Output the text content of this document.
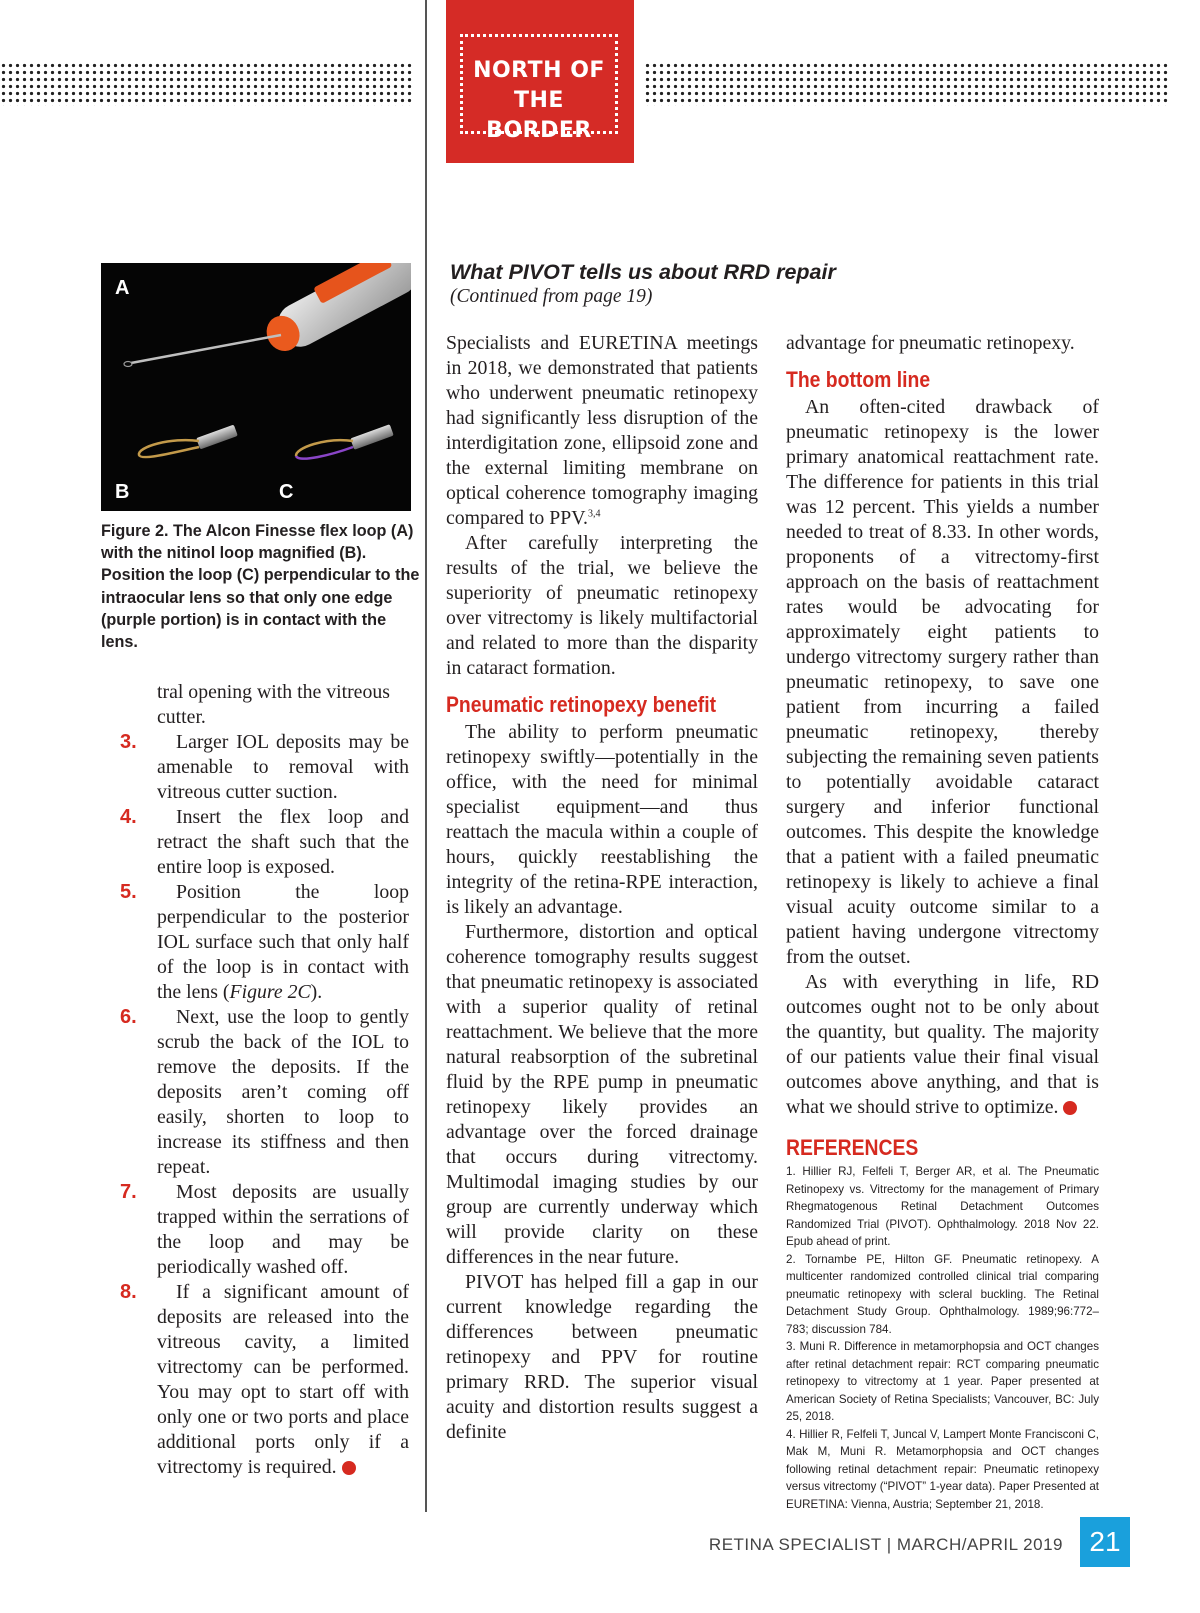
NORTH OF
THE BORDER
A
B	C
Figure 2. The Alcon Finesse flex loop (A) with the nitinol loop magnified (B). Position the loop (C) perpendicular to the intraocular lens so that only one edge (purple portion) is in contact with the lens.

tral opening with the vitreous cutter.

3.	Larger IOL deposits may be amenable to removal with vitreous cutter suction.

4.	Insert the flex loop and retract the shaft such that the entire loop is exposed.

5.	Position the loop perpendicular to the posterior IOL surface such that only half of the loop is in contact with the lens (Figure 2C).

6.	Next, use the loop to gently scrub the back of the IOL to remove the deposits. If the deposits aren’t coming off easily, shorten to loop to increase its stiffness and then repeat.

7.	Most deposits are usually trapped within the serrations of the loop and may be periodically washed off.

8.	If a significant amount of deposits are released into the vitreous cavity, a limited vitrectomy can be performed. You may opt to start off with only one or two ports and place additional ports only if a vitrectomy is required.	RS

What PIVOT tells us about RRD repair
(Continued from page 19)

Specialists and EURETINA meetings in 2018, we demonstrated that patients who underwent pneumatic retinopexy had significantly less disruption of the interdigitation zone, ellipsoid zone and the external limiting membrane on optical coherence tomography imaging compared to PPV.$^{3,4}$

After carefully interpreting the results of the trial, we believe the superiority of pneumatic retinopexy over vitrectomy is likely multifactorial and related to more than the disparity in cataract formation.

Pneumatic retinopexy benefit

The ability to perform pneumatic retinopexy swiftly—potentially in the office, with the need for minimal specialist equipment—and thus reattach the macula within a couple of hours, quickly reestablishing the integrity of the retina-RPE interaction, is likely an advantage.

Furthermore, distortion and optical coherence tomography results suggest that pneumatic retinopexy is associated with a superior quality of retinal reattachment. We believe that the more natural reabsorption of the subretinal fluid by the RPE pump in pneumatic retinopexy likely provides an advantage over the forced drainage that occurs during vitrectomy. Multimodal imaging studies by our group are currently underway which will provide clarity on these differences in the near future.

PIVOT has helped fill a gap in our current knowledge regarding the differences between pneumatic retinopexy and PPV for routine primary RRD. The superior visual acuity and distortion results suggest a definite

advantage for pneumatic retinopexy.

The bottom line

An often-cited drawback of pneumatic retinopexy is the lower primary anatomical reattachment rate. The difference for patients in this trial was 12 percent. This yields a number needed to treat of 8.33. In other words, proponents of a vitrectomy-first approach on the basis of reattachment rates would be advocating for approximately eight patients to undergo vitrectomy surgery rather than pneumatic retinopexy, to save one patient from incurring a failed pneumatic retinopexy, thereby subjecting the remaining seven patients to potentially avoidable cataract surgery and inferior functional outcomes. This despite the knowledge that a patient with a failed pneumatic retinopexy is likely to achieve a final visual acuity outcome similar to a patient having undergone vitrectomy from the outset.

As with everything in life, RD outcomes ought not to be only about the quantity, but quality. The majority of our patients value their final visual outcomes above anything, and that is what we should strive to optimize.	RS

REFERENCES
1. Hillier RJ, Felfeli T, Berger AR, et al. The Pneumatic Retinopexy vs. Vitrectomy for the management of Primary Rhegmatogenous Retinal Detachment Outcomes Randomized Trial (PIVOT). Ophthalmology. 2018 Nov 22. Epub ahead of print.
2. Tornambe PE, Hilton GF. Pneumatic retinopexy. A multicenter randomized controlled clinical trial comparing pneumatic retinopexy with scleral buckling. The Retinal Detachment Study Group. Ophthalmology. 1989;96:772–783; discussion 784.
3. Muni R. Difference in metamorphopsia and OCT changes after retinal detachment repair: RCT comparing pneumatic retinopexy to vitrectomy at 1 year. Paper presented at American Society of Retina Specialists; Vancouver, BC: July 25, 2018.
4. Hillier R, Felfeli T, Juncal V, Lampert Monte Francisconi C, Mak M, Muni R. Metamorphopsia and OCT changes following retinal detachment repair: Pneumatic retinopexy versus vitrectomy (“PIVOT” 1-year data). Paper Presented at EURETINA: Vienna, Austria; September 21, 2018.
RETINA SPECIALIST | MARCH/APRIL 2019 21
